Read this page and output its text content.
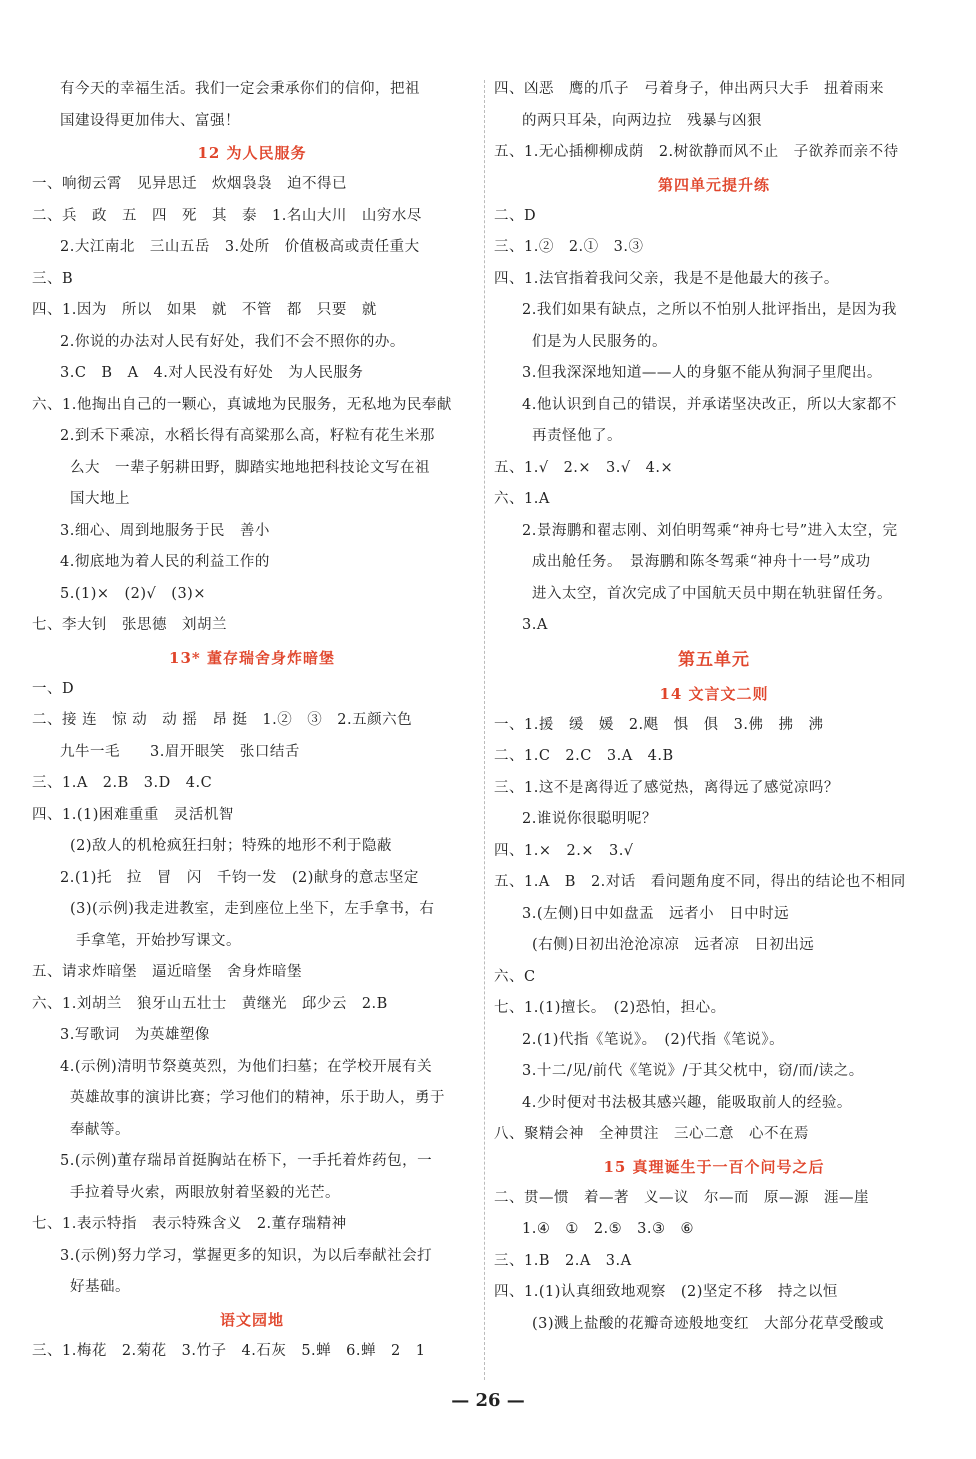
有今天的幸福生活。我们一定会秉承你们的信仰，把祖
国建设得更加伟大、富强！
12 为人民服务
一、响彻云霄　见异思迁　炊烟袅袅　迫不得已
二、兵　政　五　四　死　其　泰　1.名山大川　山穷水尽
2.大江南北　三山五岳　3.处所　价值极高或责任重大
三、B
四、1.因为　所以　如果　就　不管　都　只要　就
2.你说的办法对人民有好处，我们不会不照你的办。
3.C　B　A　4.对人民没有好处　为人民服务
六、1.他掏出自己的一颗心，真诚地为民服务，无私地为民奉献
2.到禾下乘凉，水稻长得有高粱那么高，籽粒有花生米那
么大　一辈子躬耕田野，脚踏实地地把科技论文写在祖
国大地上
3.细心、周到地服务于民　善小
4.彻底地为着人民的利益工作的
5.(1)×　(2)√　(3)×
七、李大钊　张思德　刘胡兰
13* 董存瑞舍身炸暗堡
一、D
二、接 连　惊 动　动 摇　昂 挺　1.②　③　2.五颜六色
九牛一毛　　3.眉开眼笑　张口结舌
三、1.A　2.B　3.D　4.C
四、1.(1)困难重重　灵活机智
(2)敌人的机枪疯狂扫射；特殊的地形不利于隐蔽
2.(1)托　拉　冒　闪　千钧一发　(2)献身的意志坚定
(3)(示例)我走进教室，走到座位上坐下，左手拿书，右
手拿笔，开始抄写课文。
五、请求炸暗堡　逼近暗堡　舍身炸暗堡
六、1.刘胡兰　狼牙山五壮士　黄继光　邱少云　2.B
3.写歌词　为英雄塑像
4.(示例)清明节祭奠英烈，为他们扫墓；在学校开展有关
英雄故事的演讲比赛；学习他们的精神，乐于助人，勇于
奉献等。
5.(示例)董存瑞昂首挺胸站在桥下，一手托着炸药包，一
手拉着导火索，两眼放射着坚毅的光芒。
七、1.表示特指　表示特殊含义　2.董存瑞精神
3.(示例)努力学习，掌握更多的知识，为以后奉献社会打
好基础。
语文园地
三、1.梅花　2.菊花　3.竹子　4.石灰　5.蝉　6.蝉　2　1
四、凶恶　鹰的爪子　弓着身子，伸出两只大手　扭着雨来
的两只耳朵，向两边拉　残暴与凶狠
五、1.无心插柳柳成荫　2.树欲静而风不止　子欲养而亲不待
第四单元提升练
二、D
三、1.②　2.①　3.③
四、1.法官指着我问父亲，我是不是他最大的孩子。
2.我们如果有缺点，之所以不怕别人批评指出，是因为我
们是为人民服务的。
3.但我深深地知道——人的身躯不能从狗洞子里爬出。
4.他认识到自己的错误，并承诺坚决改正，所以大家都不
再责怪他了。
五、1.√　2.×　3.√　4.×
六、1.A
2.景海鹏和翟志刚、刘伯明驾乘“神舟七号”进入太空，完
成出舱任务。　景海鹏和陈冬驾乘“神舟十一号”成功
进入太空，首次完成了中国航天员中期在轨驻留任务。
3.A
第五单元
14 文言文二则
一、1.援　缓　媛　2.飓　惧　俱　3.佛　拂　沸
二、1.C　2.C　3.A　4.B
三、1.这不是离得近了感觉热，离得远了感觉凉吗？
2.谁说你很聪明呢？
四、1.×　2.×　3.√
五、1.A　B　2.对话　看问题角度不同，得出的结论也不相同
3.(左侧)日中如盘盂　远者小　日中时远
(右侧)日初出沧沧凉凉　远者凉　日初出远
六、C
七、1.(1)擅长。　(2)恐怕，担心。
2.(1)代指《笔说》。　(2)代指《笔说》。
3.十二/见/前代《笔说》/于其父枕中，窃/而/读之。
4.少时便对书法极其感兴趣，能吸取前人的经验。
八、聚精会神　全神贯注　三心二意　心不在焉
15 真理诞生于一百个问号之后
二、贯—惯　着—著　义—议　尔—而　原—源　涯—崖
1.④　①　2.⑤　3.③　⑥
三、1.B　2.A　3.A
四、1.(1)认真细致地观察　(2)坚定不移　持之以恒
(3)溅上盐酸的花瓣奇迹般地变红　大部分花草受酸或
— 26 —
